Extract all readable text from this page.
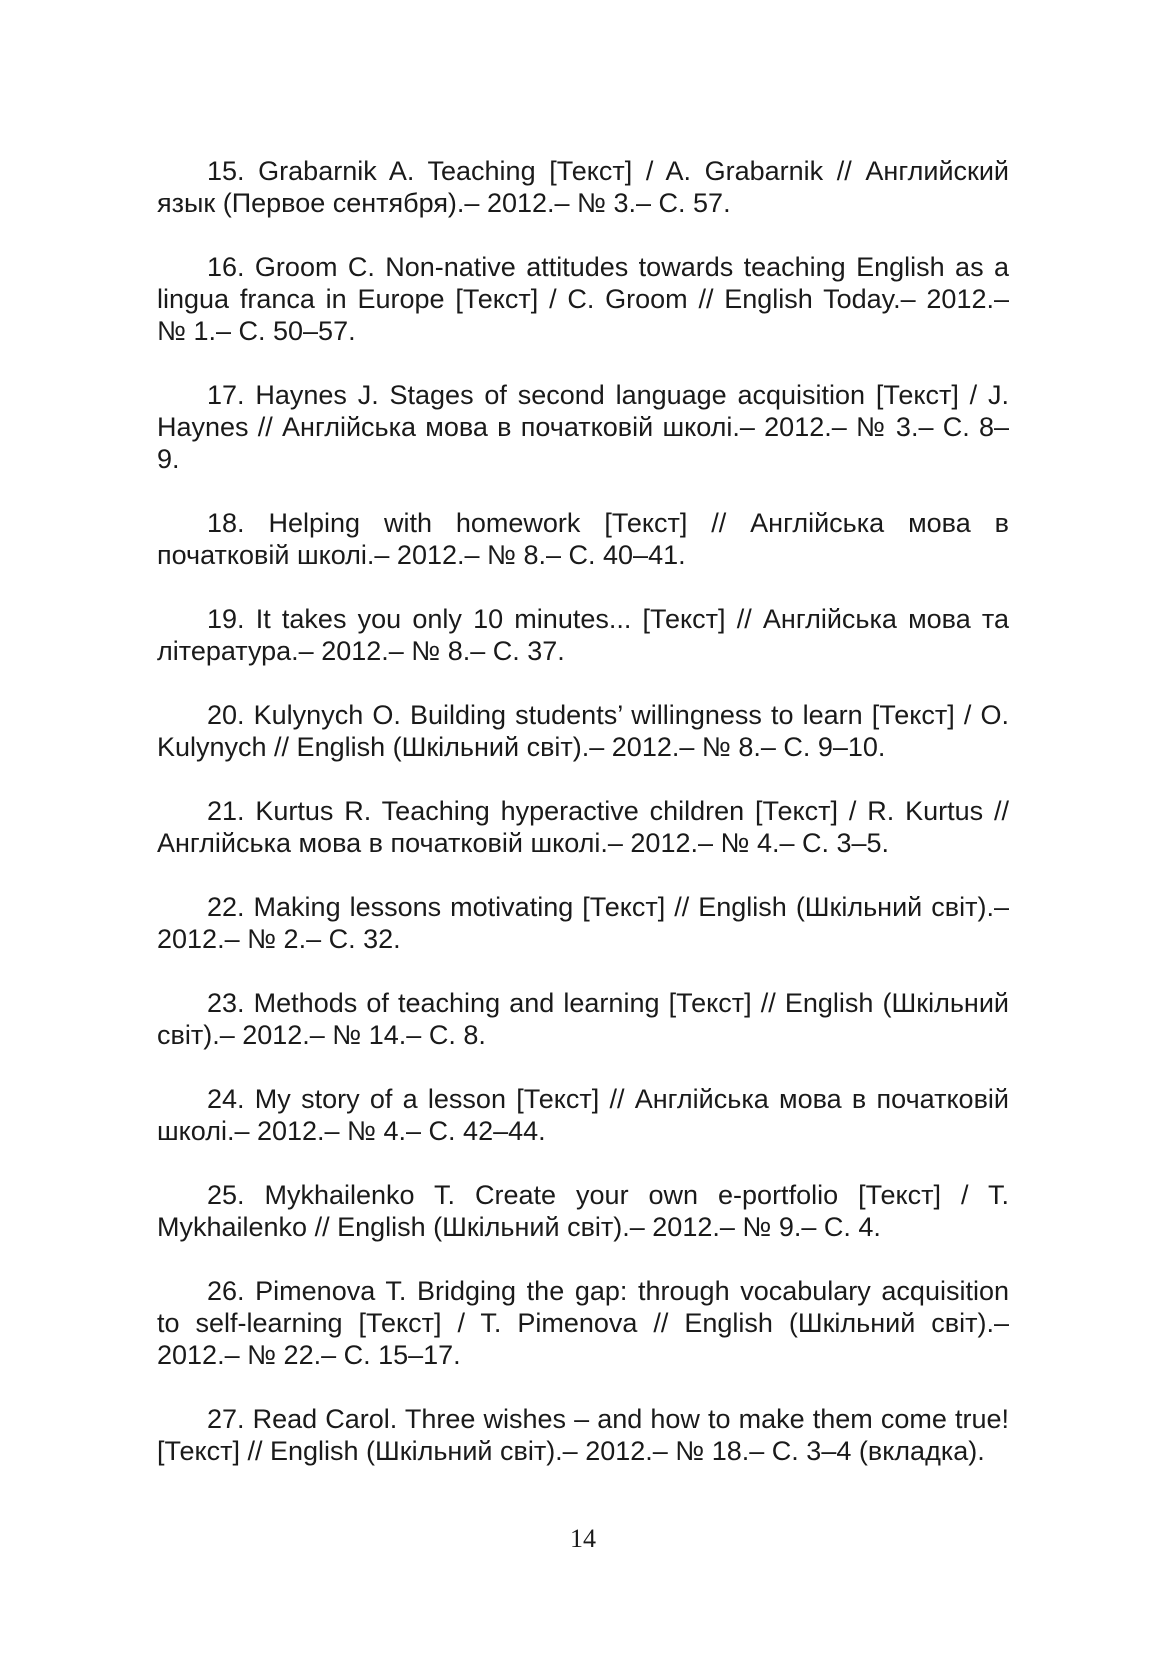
15. Grabarnik A. Teaching [Текст] / A. Grabarnik // Английский язык (Первое сентября).– 2012.– № 3.– С. 57.

16. Groom C. Non-native attitudes towards teaching English as a lingua franca in Europe [Текст] / C. Groom // English Today.– 2012.– № 1.– С. 50–57.

17. Haynes J. Stages of second language acquisition [Текст] / J. Haynes // Англійська мова в початковій школі.– 2012.– № 3.– С. 8–9.

18. Helping with homework [Текст] // Англійська мова в початковій школі.– 2012.– № 8.– С. 40–41.

19. It takes you only 10 minutes... [Текст] // Англійська мова та література.– 2012.– № 8.– С. 37.

20. Kulynych O. Building students’ willingness to learn [Текст] / O. Kulynych // English (Шкільний світ).– 2012.– № 8.– С. 9–10.

21. Kurtus R. Teaching hyperactive children [Текст] / R. Kurtus // Англійська мова в початковій школі.– 2012.– № 4.– С. 3–5.

22. Making lessons motivating [Текст] // English (Шкільний світ).– 2012.– № 2.– С. 32.

23. Methods of teaching and learning [Текст] // English (Шкільний світ).– 2012.– № 14.– С. 8.

24. My story of a lesson [Текст] // Англійська мова в початковій школі.– 2012.– № 4.– С. 42–44.

25. Mykhailenko T. Create your own e-portfolio [Текст] / T. Mykhailenko // English (Шкільний світ).– 2012.– № 9.– С. 4.

26. Pimenova T. Bridging the gap: through vocabulary acquisition to self-learning [Текст] / T. Pimenova // English (Шкільний світ).– 2012.– № 22.– С. 15–17.

27. Read Carol. Three wishes – and how to make them come true! [Текст] // English (Шкільний світ).– 2012.– № 18.– С. 3–4 (вкладка).

14
